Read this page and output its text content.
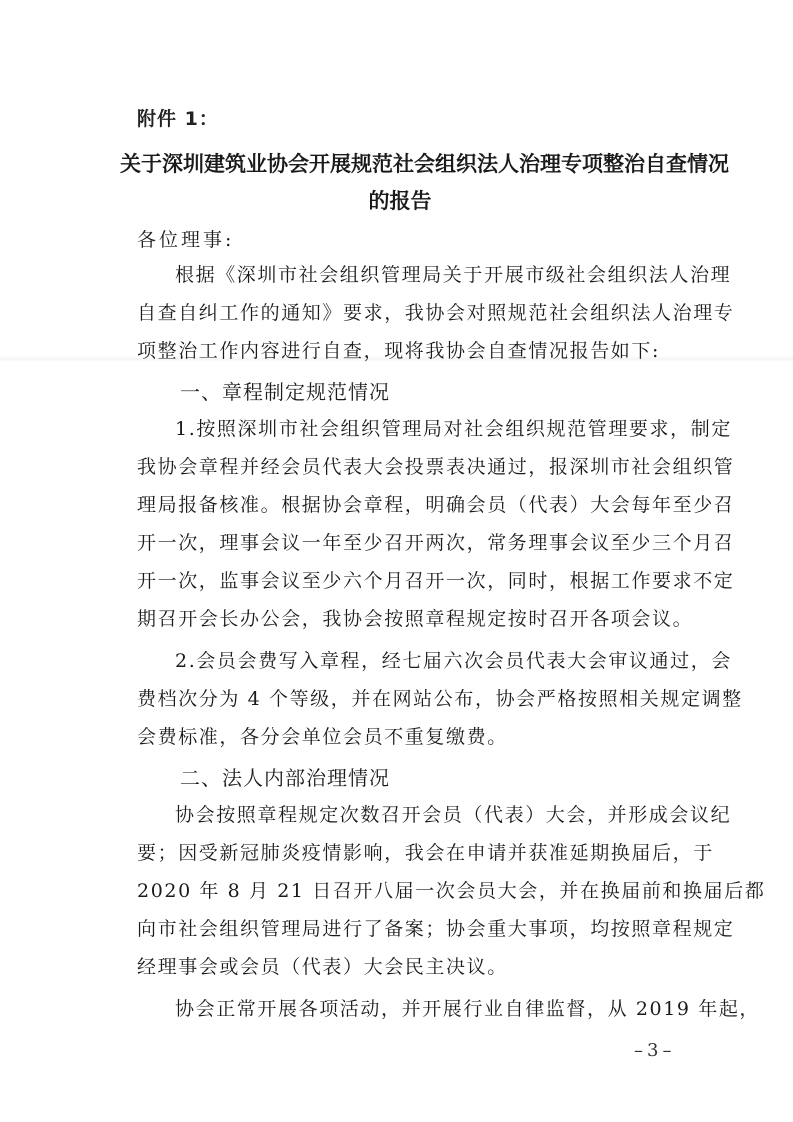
附件 1：
关于深圳建筑业协会开展规范社会组织法人治理专项整治自查情况
的报告
各位理事:
根据《深圳市社会组织管理局关于开展市级社会组织法人治理
自查自纠工作的通知》要求，我协会对照规范社会组织法人治理专
项整治工作内容进行自查，现将我协会自查情况报告如下:
一、章程制定规范情况
1.按照深圳市社会组织管理局对社会组织规范管理要求，制定
我协会章程并经会员代表大会投票表决通过，报深圳市社会组织管
理局报备核准。根据协会章程，明确会员（代表）大会每年至少召
开一次，理事会议一年至少召开两次，常务理事会议至少三个月召
开一次，监事会议至少六个月召开一次，同时，根据工作要求不定
期召开会长办公会，我协会按照章程规定按时召开各项会议。
2.会员会费写入章程，经七届六次会员代表大会审议通过，会
费档次分为 4 个等级，并在网站公布，协会严格按照相关规定调整
会费标准，各分会单位会员不重复缴费。
二、法人内部治理情况
协会按照章程规定次数召开会员（代表）大会，并形成会议纪
要；因受新冠肺炎疫情影响，我会在申请并获准延期换届后，于
2020 年 8 月 21 日召开八届一次会员大会，并在换届前和换届后都
向市社会组织管理局进行了备案；协会重大事项，均按照章程规定
经理事会或会员（代表）大会民主决议。
协会正常开展各项活动，并开展行业自律监督，从 2019 年起，
–3–
